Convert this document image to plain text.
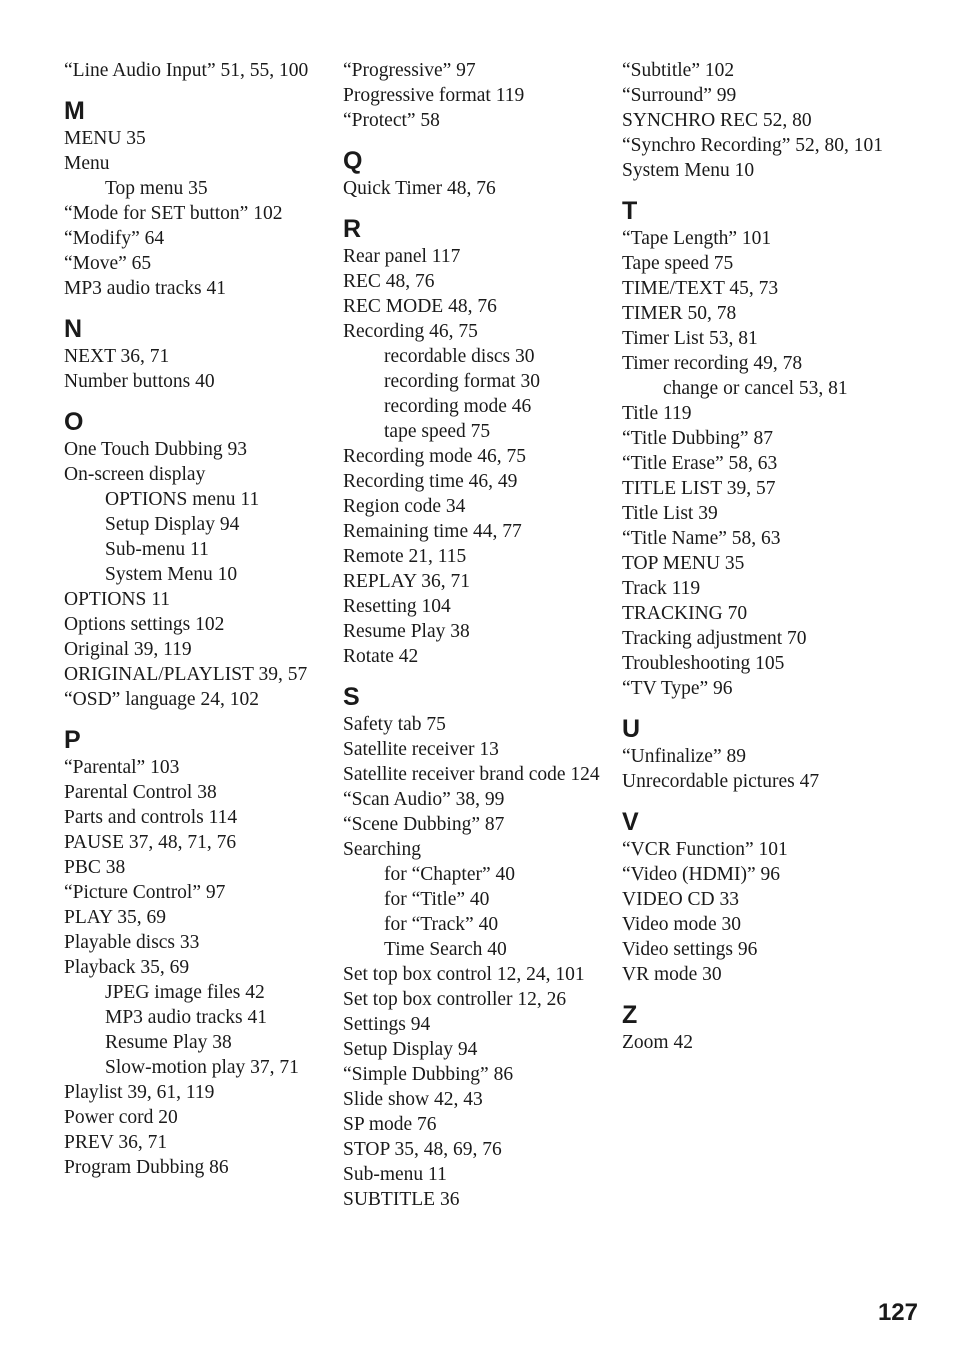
“Line Audio Input” 51, 55, 100
M
MENU 35
Menu
Top menu 35
“Mode for SET button” 102
“Modify” 64
“Move” 65
MP3 audio tracks 41
N
NEXT 36, 71
Number buttons 40
O
One Touch Dubbing 93
On-screen display
OPTIONS menu 11
Setup Display 94
Sub-menu 11
System Menu 10
OPTIONS 11
Options settings 102
Original 39, 119
ORIGINAL/PLAYLIST 39, 57
“OSD” language 24, 102
P
“Parental” 103
Parental Control 38
Parts and controls 114
PAUSE 37, 48, 71, 76
PBC 38
“Picture Control” 97
PLAY 35, 69
Playable discs 33
Playback 35, 69
JPEG image files 42
MP3 audio tracks 41
Resume Play 38
Slow-motion play 37, 71
Playlist 39, 61, 119
Power cord 20
PREV 36, 71
Program Dubbing 86
“Progressive” 97
Progressive format 119
“Protect” 58
Q
Quick Timer 48, 76
R
Rear panel 117
REC 48, 76
REC MODE 48, 76
Recording 46, 75
recordable discs 30
recording format 30
recording mode 46
tape speed 75
Recording mode 46, 75
Recording time 46, 49
Region code 34
Remaining time 44, 77
Remote 21, 115
REPLAY 36, 71
Resetting 104
Resume Play 38
Rotate 42
S
Safety tab 75
Satellite receiver 13
Satellite receiver brand code 124
“Scan Audio” 38, 99
“Scene Dubbing” 87
Searching
for “Chapter” 40
for “Title” 40
for “Track” 40
Time Search 40
Set top box control 12, 24, 101
Set top box controller 12, 26
Settings 94
Setup Display 94
“Simple Dubbing” 86
Slide show 42, 43
SP mode 76
STOP 35, 48, 69, 76
Sub-menu 11
SUBTITLE 36
“Subtitle” 102
“Surround” 99
SYNCHRO REC 52, 80
“Synchro Recording” 52, 80, 101
System Menu 10
T
“Tape Length” 101
Tape speed 75
TIME/TEXT 45, 73
TIMER 50, 78
Timer List 53, 81
Timer recording 49, 78
change or cancel 53, 81
Title 119
“Title Dubbing” 87
“Title Erase” 58, 63
TITLE LIST 39, 57
Title List 39
“Title Name” 58, 63
TOP MENU 35
Track 119
TRACKING 70
Tracking adjustment 70
Troubleshooting 105
“TV Type” 96
U
“Unfinalize” 89
Unrecordable pictures 47
V
“VCR Function” 101
“Video (HDMI)” 96
VIDEO CD 33
Video mode 30
Video settings 96
VR mode 30
Z
Zoom 42
127
